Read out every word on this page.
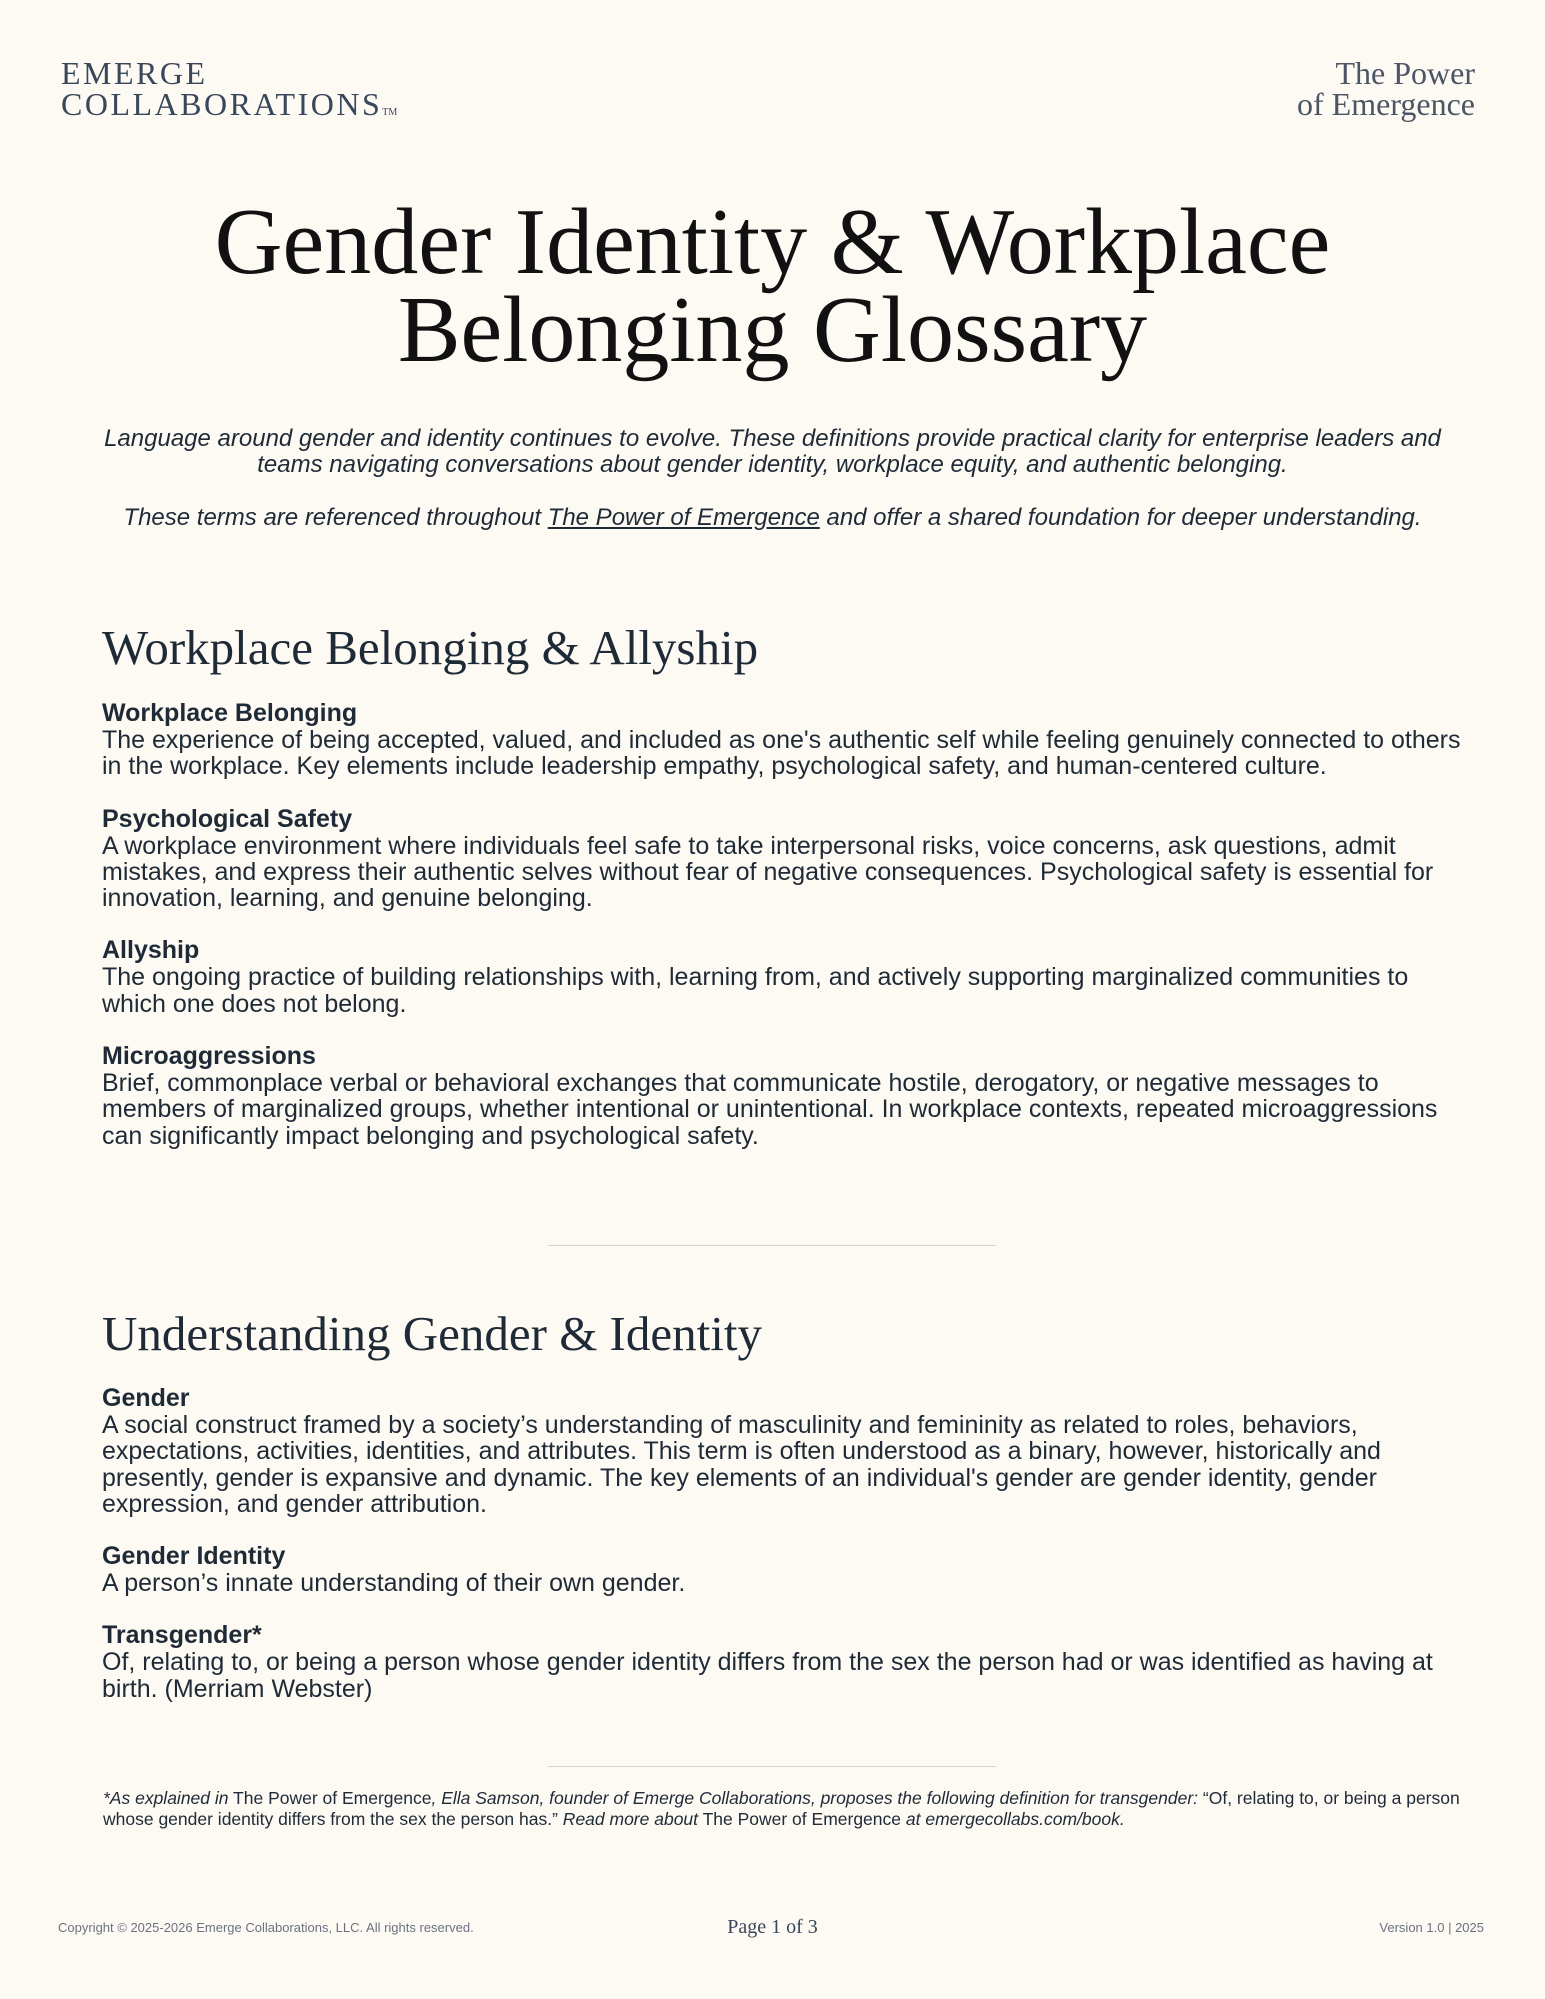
EMERGE
COLLABORATIONSTM
The Power
of Emergence
Gender Identity & Workplace
Belonging Glossary

Language around gender and identity continues to evolve. These definitions provide practical clarity for enterprise leaders and teams navigating conversations about gender identity, workplace equity, and authentic belonging.

These terms are referenced throughout The Power of Emergence and offer a shared foundation for deeper understanding.

Workplace Belonging & Allyship
Workplace Belonging
The experience of being accepted, valued, and included as one's authentic self while feeling genuinely connected to others in the workplace. Key elements include leadership empathy, psychological safety, and human-centered culture.
Psychological Safety
A workplace environment where individuals feel safe to take interpersonal risks, voice concerns, ask questions, admit mistakes, and express their authentic selves without fear of negative consequences. Psychological safety is essential for innovation, learning, and genuine belonging.
Allyship
The ongoing practice of building relationships with, learning from, and actively supporting marginalized communities to which one does not belong.
Microaggressions
Brief, commonplace verbal or behavioral exchanges that communicate hostile, derogatory, or negative messages to members of marginalized groups, whether intentional or unintentional. In workplace contexts, repeated microaggressions can significantly impact belonging and psychological safety.
Understanding Gender & Identity
Gender
A social construct framed by a society’s understanding of masculinity and femininity as related to roles, behaviors, expectations, activities, identities, and attributes. This term is often understood as a binary, however, historically and presently, gender is expansive and dynamic. The key elements of an individual's gender are gender identity, gender expression, and gender attribution.
Gender Identity
A person’s innate understanding of their own gender.
Transgender*
Of, relating to, or being a person whose gender identity differs from the sex the person had or was identified as having at birth. (Merriam Webster)
*As explained in The Power of Emergence, Ella Samson, founder of Emerge Collaborations, proposes the following definition for transgender: “Of, relating to, or being a person whose gender identity differs from the sex the person has.” Read more about The Power of Emergence at emergecollabs.com/book.
Copyright © 2025-2026 Emerge Collaborations, LLC. All rights reserved.	Page 1 of 3	Version 1.0 | 2025
